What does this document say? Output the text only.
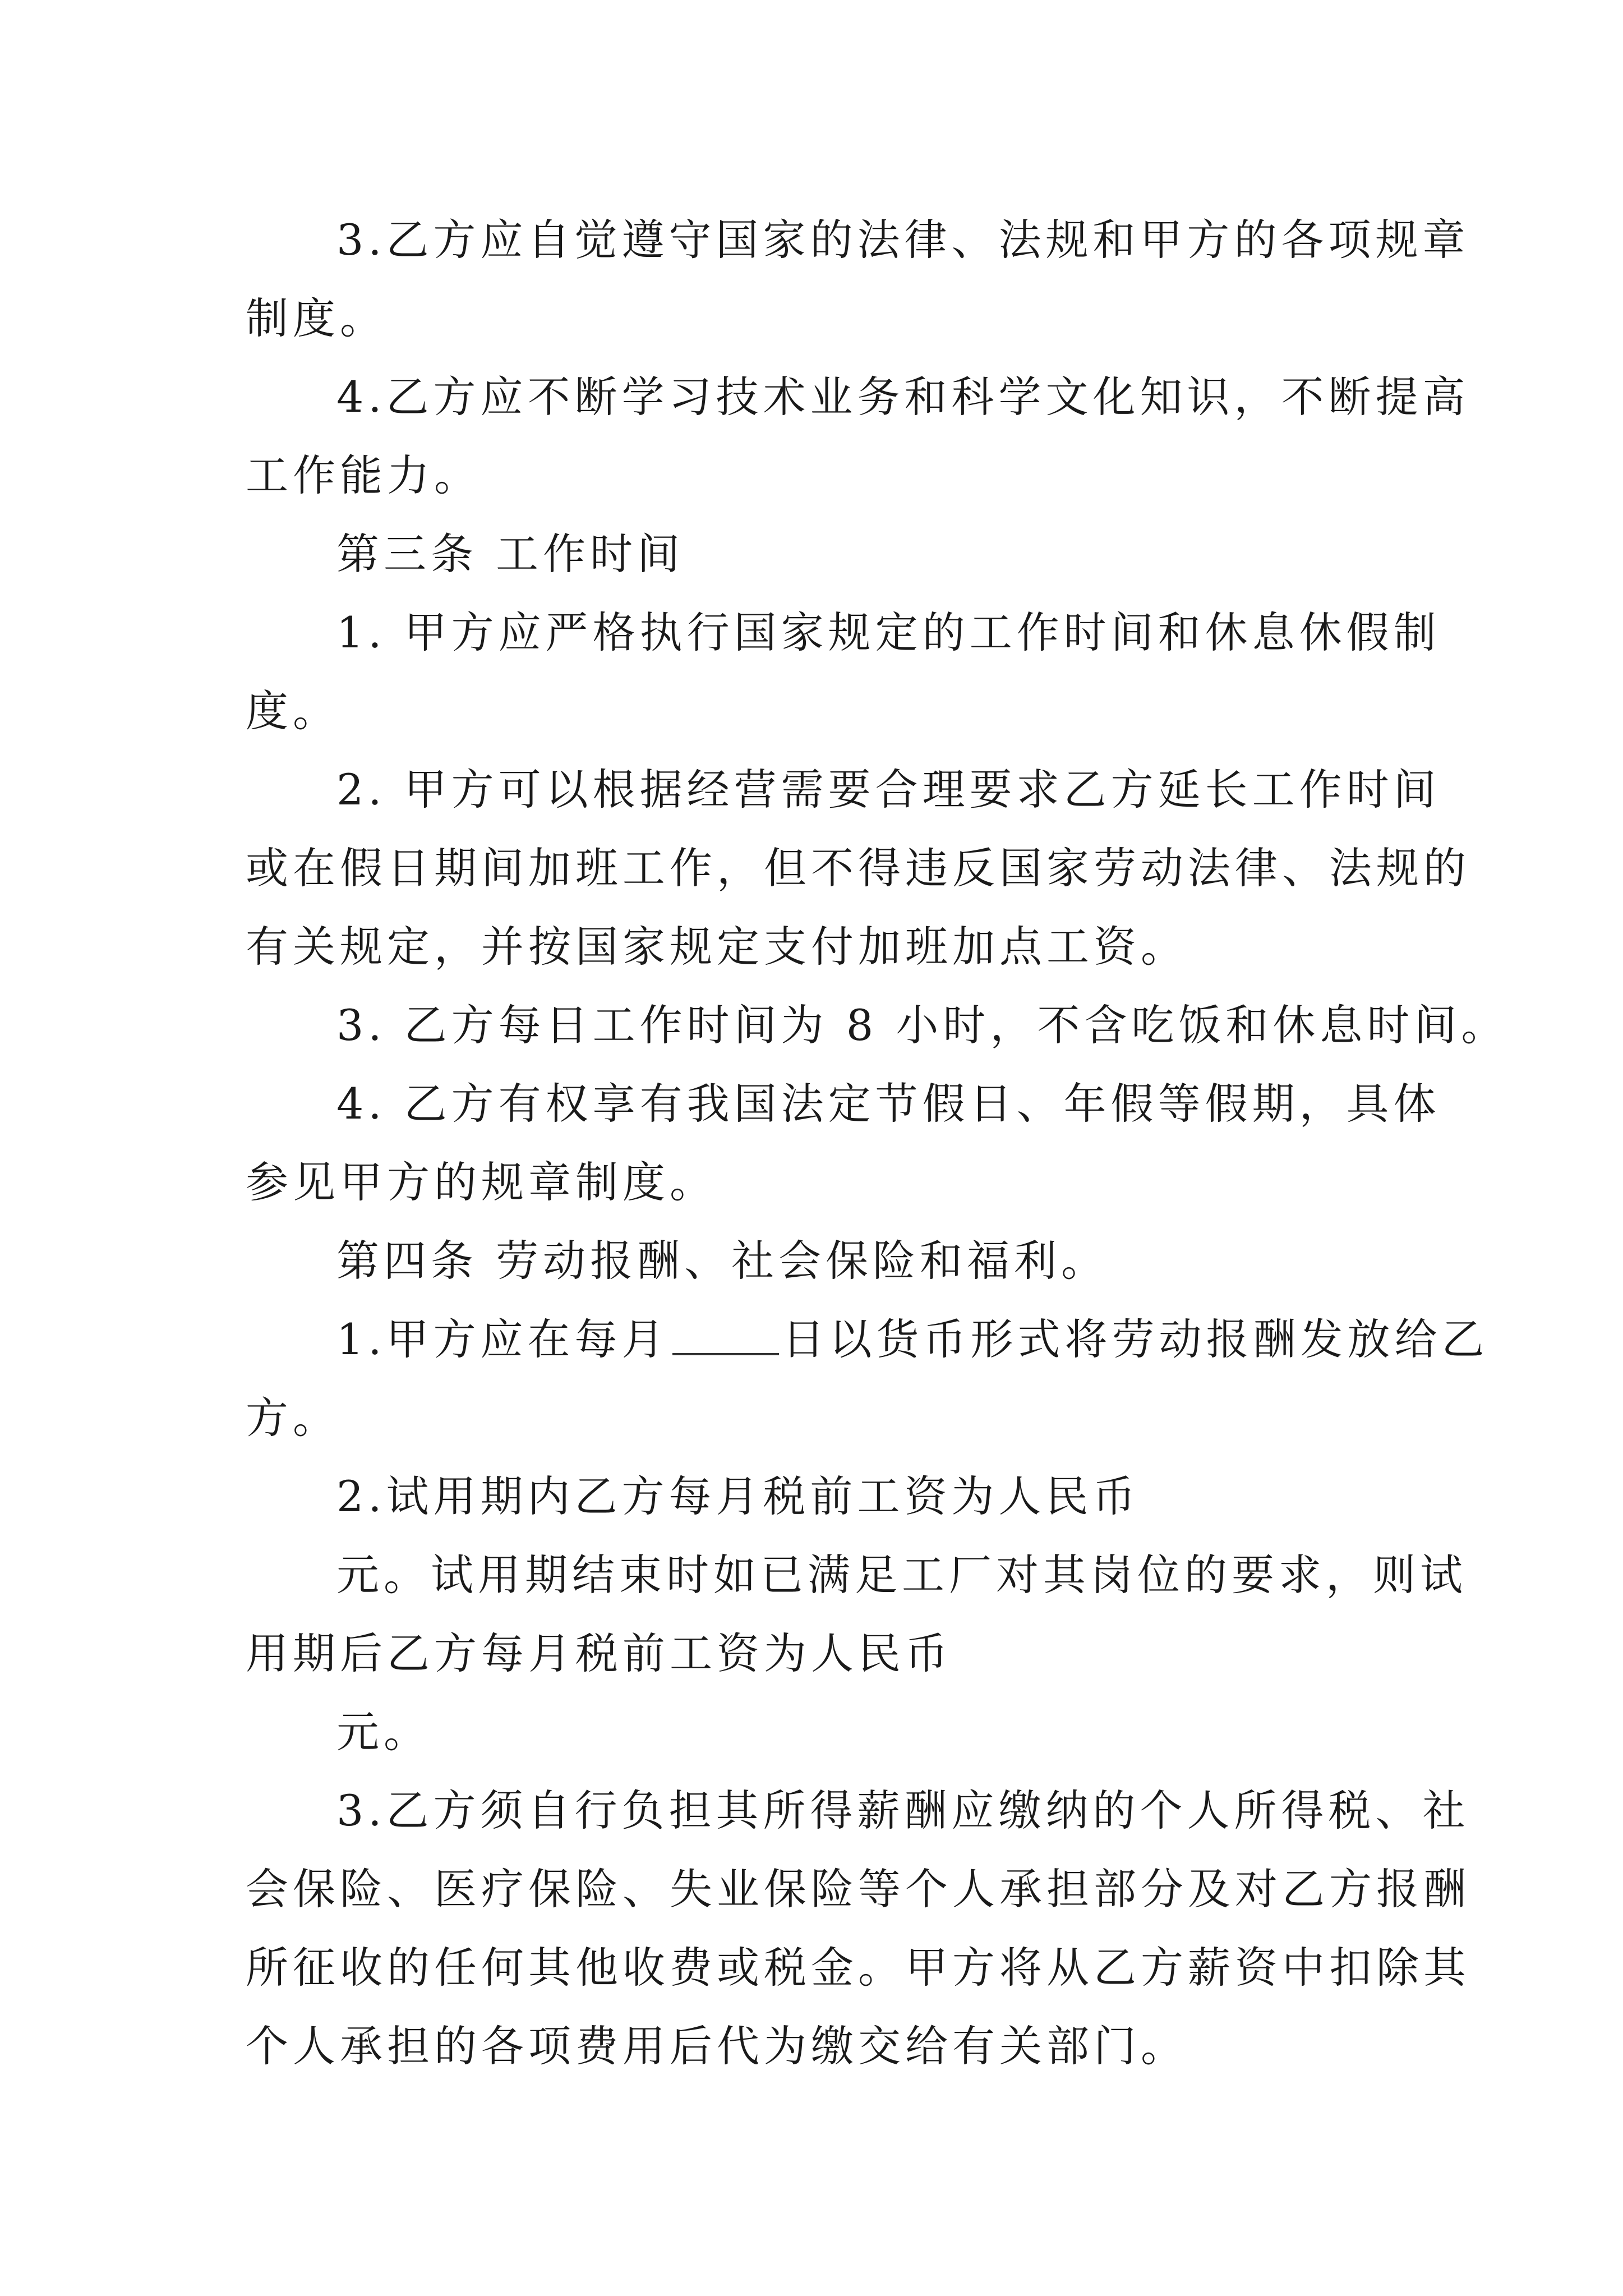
3.乙方应自觉遵守国家的法律、法规和甲方的各项规章
制度。
4.乙方应不断学习技术业务和科学文化知识，不断提高
工作能力。
第三条 工作时间
1. 甲方应严格执行国家规定的工作时间和休息休假制
度。
2. 甲方可以根据经营需要合理要求乙方延长工作时间
或在假日期间加班工作，但不得违反国家劳动法律、法规的
有关规定，并按国家规定支付加班加点工资。
3. 乙方每日工作时间为 8 小时，不含吃饭和休息时间。
4. 乙方有权享有我国法定节假日、年假等假期，具体
参见甲方的规章制度。
第四条 劳动报酬、社会保险和福利。
1.甲方应在每月	日以货币形式将劳动报酬发放给乙
方。
2.试用期内乙方每月税前工资为人民币
元。试用期结束时如已满足工厂对其岗位的要求，则试
用期后乙方每月税前工资为人民币
元。
3.乙方须自行负担其所得薪酬应缴纳的个人所得税、社
会保险、医疗保险、失业保险等个人承担部分及对乙方报酬
所征收的任何其他收费或税金。甲方将从乙方薪资中扣除其
个人承担的各项费用后代为缴交给有关部门。
